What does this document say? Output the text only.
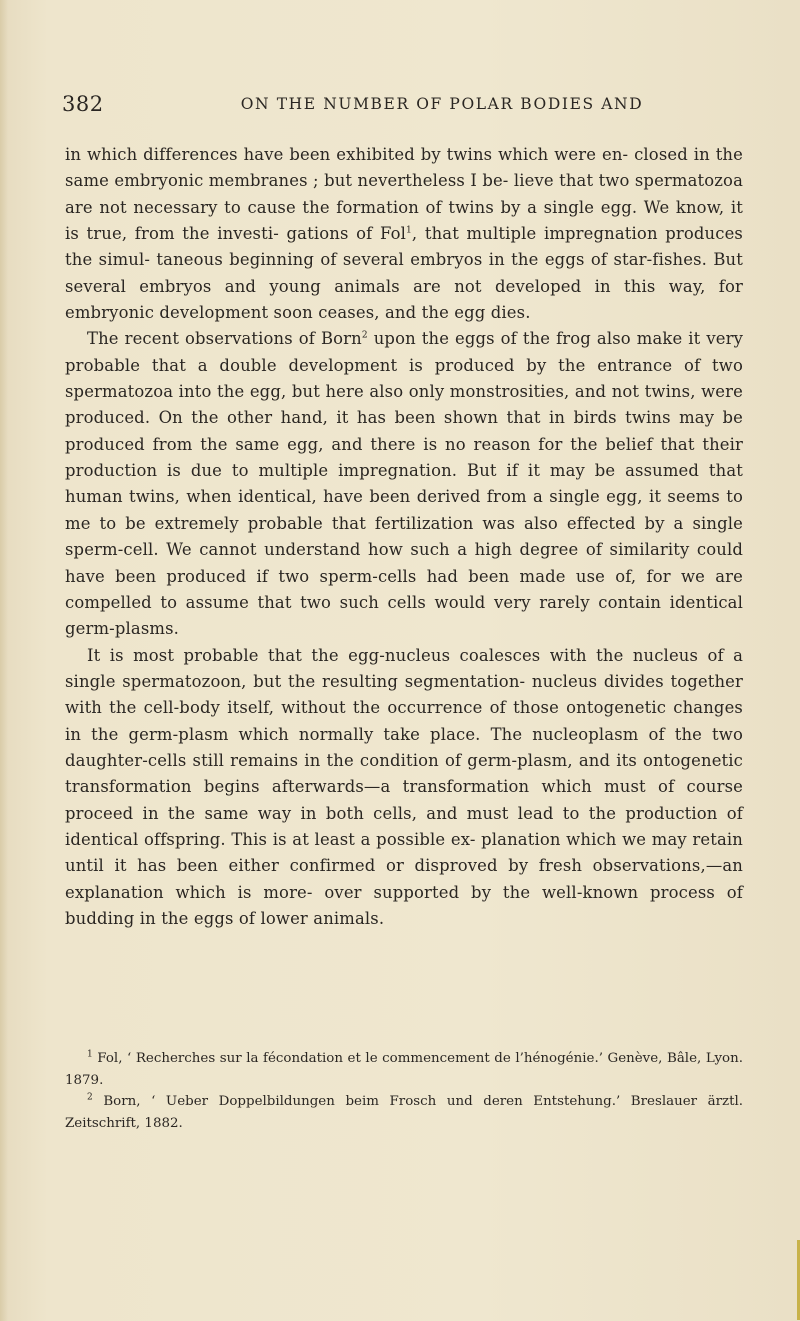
382	ON THE NUMBER OF POLAR BODIES AND

in which differences have been exhibited by twins which were en- closed in the same embryonic membranes ; but nevertheless I be- lieve that two spermatozoa are not necessary to cause the formation of twins by a single egg. We know, it is true, from the investi- gations of Fol$^1$, that multiple impregnation produces the simul- taneous beginning of several embryos in the eggs of star-fishes. But several embryos and young animals are not developed in this way, for embryonic development soon ceases, and the egg dies.

The recent observations of Born$^2$ upon the eggs of the frog also make it very probable that a double development is produced by the entrance of two spermatozoa into the egg, but here also only monstrosities, and not twins, were produced. On the other hand, it has been shown that in birds twins may be produced from the same egg, and there is no reason for the belief that their production is due to multiple impregnation. But if it may be assumed that human twins, when identical, have been derived from a single egg, it seems to me to be extremely probable that fertilization was also effected by a single sperm-cell. We cannot understand how such a high degree of similarity could have been produced if two sperm-cells had been made use of, for we are compelled to assume that two such cells would very rarely contain identical germ-plasms.

It is most probable that the egg-nucleus coalesces with the nucleus of a single spermatozoon, but the resulting segmentation- nucleus divides together with the cell-body itself, without the occurrence of those ontogenetic changes in the germ-plasm which normally take place. The nucleoplasm of the two daughter-cells still remains in the condition of germ-plasm, and its ontogenetic transformation begins afterwards—a transformation which must of course proceed in the same way in both cells, and must lead to the production of identical offspring. This is at least a possible ex- planation which we may retain until it has been either confirmed or disproved by fresh observations,—an explanation which is more- over supported by the well-known process of budding in the eggs of lower animals.

$^1$ Fol, ‘ Recherches sur la fécondation et le commencement de l’hénogénie.’ Genève, Bâle, Lyon. 1879.

$^2$ Born, ‘ Ueber Doppelbildungen beim Frosch und deren Entstehung.’ Breslauer ärztl. Zeitschrift, 1882.
